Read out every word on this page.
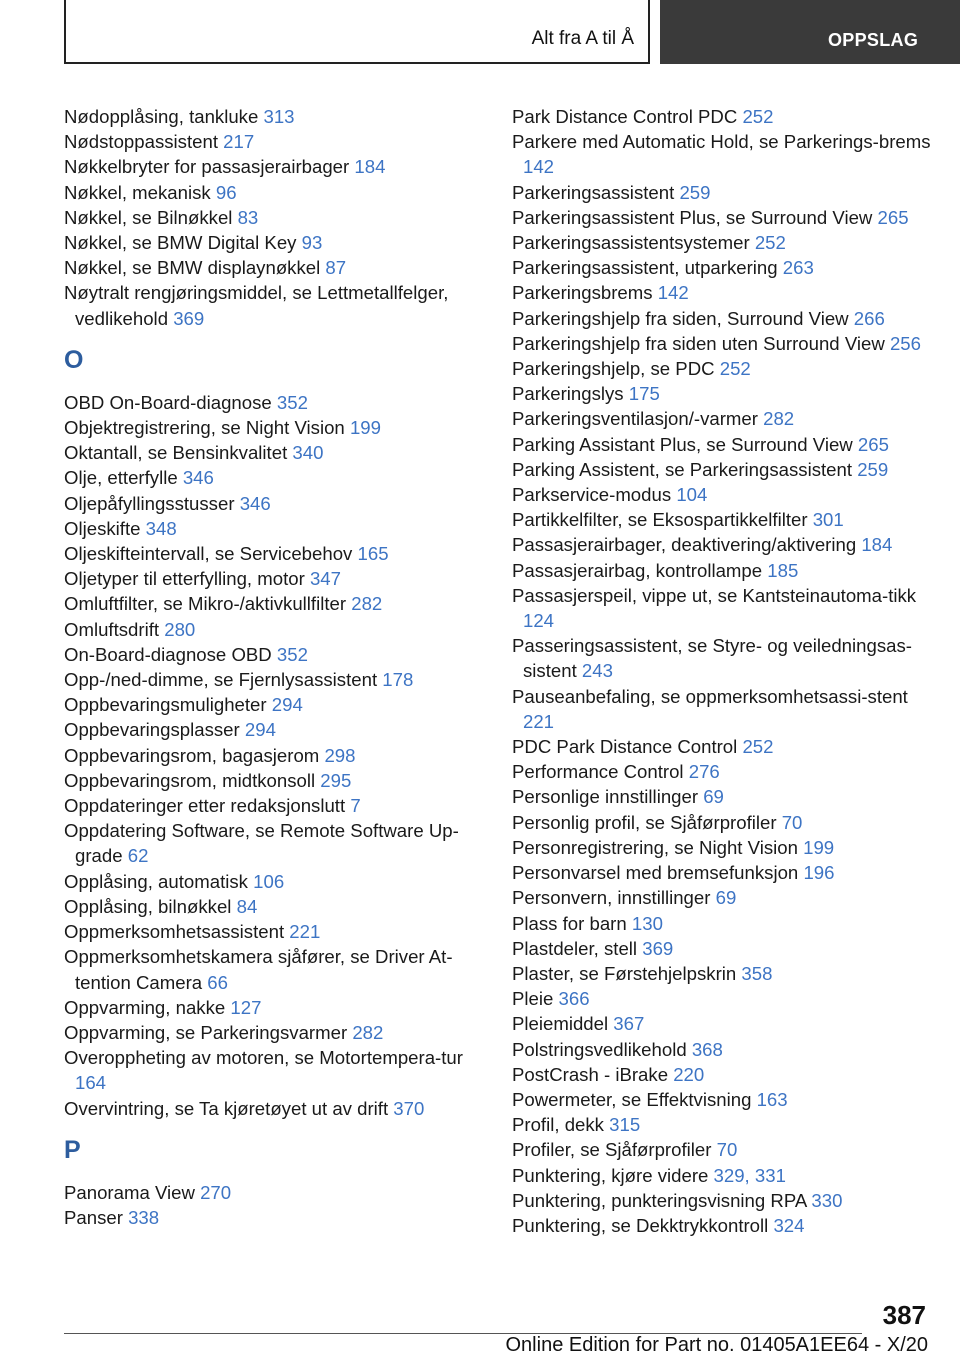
Alt fra A til Å	OPPSLAG
Nødopplåsing, tankluke 313
Nødstoppassistent 217
Nøkkelbryter for passasjerairbager 184
Nøkkel, mekanisk 96
Nøkkel, se Bilnøkkel 83
Nøkkel, se BMW Digital Key 93
Nøkkel, se BMW displaynøkkel 87
Nøytralt rengjøringsmiddel, se Lettmetallfelger, vedlikehold 369
O
OBD On-Board-diagnose 352
Objektregistrering, se Night Vision 199
Oktantall, se Bensinkvalitet 340
Olje, etterfylle 346
Oljepåfyllingsstusser 346
Oljeskifte 348
Oljeskifteintervall, se Servicebehov 165
Oljetyper til etterfylling, motor 347
Omluftfilter, se Mikro-/aktivkullfilter 282
Omluftsdrift 280
On-Board-diagnose OBD 352
Opp-/ned-dimme, se Fjernlysassistent 178
Oppbevaringsmuligheter 294
Oppbevaringsplasser 294
Oppbevaringsrom, bagasjerom 298
Oppbevaringsrom, midtkonsoll 295
Oppdateringer etter redaksjonslutt 7
Oppdatering Software, se Remote Software Up-grade 62
Opplåsing, automatisk 106
Opplåsing, bilnøkkel 84
Oppmerksomhetsassistent 221
Oppmerksomhetskamera sjåfører, se Driver At-tention Camera 66
Oppvarming, nakke 127
Oppvarming, se Parkeringsvarmer 282
Overoppheting av motoren, se Motortempera-tur 164
Overvintring, se Ta kjøretøyet ut av drift 370
P
Panorama View 270
Panser 338
Park Distance Control PDC 252
Parkere med Automatic Hold, se Parkerings-brems 142
Parkeringsassistent 259
Parkeringsassistent Plus, se Surround View 265
Parkeringsassistentsystemer 252
Parkeringsassistent, utparkering 263
Parkeringsbrems 142
Parkeringshjelp fra siden, Surround View 266
Parkeringshjelp fra siden uten Surround View 256
Parkeringshjelp, se PDC 252
Parkeringslys 175
Parkeringsventilasjon/-varmer 282
Parking Assistant Plus, se Surround View 265
Parking Assistent, se Parkeringsassistent 259
Parkservice-modus 104
Partikkelfilter, se Eksospartikkelfilter 301
Passasjerairbager, deaktivering/aktivering 184
Passasjerairbag, kontrollampe 185
Passasjerspeil, vippe ut, se Kantsteinautoma-tikk 124
Passeringsassistent, se Styre- og veiledningsas-sistent 243
Pauseanbefaling, se oppmerksomhetsassi-stent 221
PDC Park Distance Control 252
Performance Control 276
Personlige innstillinger 69
Personlig profil, se Sjåførprofiler 70
Personregistrering, se Night Vision 199
Personvarsel med bremsefunksjon 196
Personvern, innstillinger 69
Plass for barn 130
Plastdeler, stell 369
Plaster, se Førstehjelpskrin 358
Pleie 366
Pleiemiddel 367
Polstringsvedlikehold 368
PostCrash - iBrake 220
Powermeter, se Effektvisning 163
Profil, dekk 315
Profiler, se Sjåførprofiler 70
Punktering, kjøre videre 329, 331
Punktering, punkteringsvisning RPA 330
Punktering, se Dekktrykkontroll 324
387
Online Edition for Part no. 01405A1EE64 - X/20
